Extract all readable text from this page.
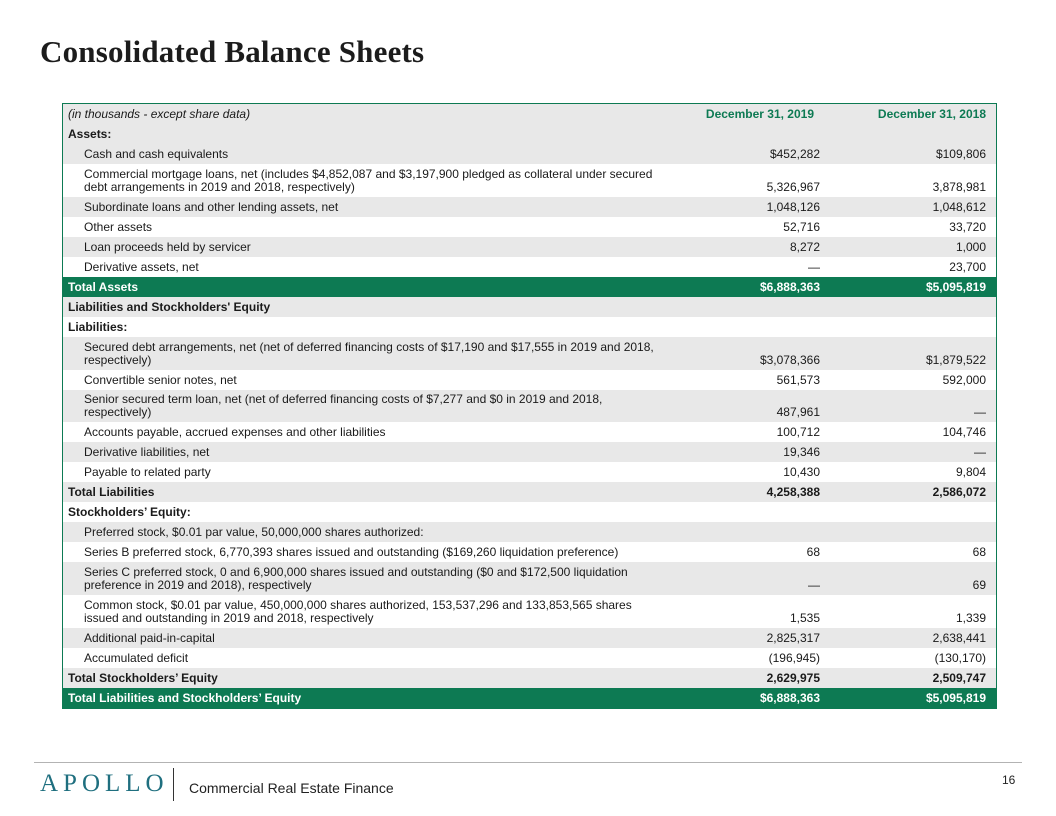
Consolidated Balance Sheets
(in thousands - except share data)	December 31, 2019	December 31, 2018
Assets:
Cash and cash equivalents	$452,282	$109,806
Commercial mortgage loans, net (includes $4,852,087 and $3,197,900 pledged as collateral under secured debt arrangements in 2019 and 2018, respectively)	5,326,967	3,878,981
Subordinate loans and other lending assets, net	1,048,126	1,048,612
Other assets	52,716	33,720
Loan proceeds held by servicer	8,272	1,000
Derivative assets, net	—	23,700
Total Assets	$6,888,363	$5,095,819
Liabilities and Stockholders' Equity
Liabilities:
Secured debt arrangements, net (net of deferred financing costs of $17,190 and $17,555 in 2019 and 2018, respectively)	$3,078,366	$1,879,522
Convertible senior notes, net	561,573	592,000
Senior secured term loan, net (net of deferred financing costs of $7,277 and $0 in 2019 and 2018, respectively)	487,961	—
Accounts payable, accrued expenses and other liabilities	100,712	104,746
Derivative liabilities, net	19,346	—
Payable to related party	10,430	9,804
Total Liabilities	4,258,388	2,586,072
Stockholders’ Equity:
Preferred stock, $0.01 par value, 50,000,000 shares authorized:
Series B preferred stock, 6,770,393 shares issued and outstanding ($169,260 liquidation preference)	68	68
Series C preferred stock, 0 and 6,900,000 shares issued and outstanding ($0 and $172,500 liquidation preference in 2019 and 2018), respectively	—	69
Common stock, $0.01 par value, 450,000,000 shares authorized, 153,537,296 and 133,853,565 shares issued and outstanding in 2019 and 2018, respectively	1,535	1,339
Additional paid-in-capital	2,825,317	2,638,441
Accumulated deficit	(196,945)	(130,170)
Total Stockholders’ Equity	2,629,975	2,509,747
Total Liabilities and Stockholders’ Equity	$6,888,363	$5,095,819
APOLLO Commercial Real Estate Finance	16
